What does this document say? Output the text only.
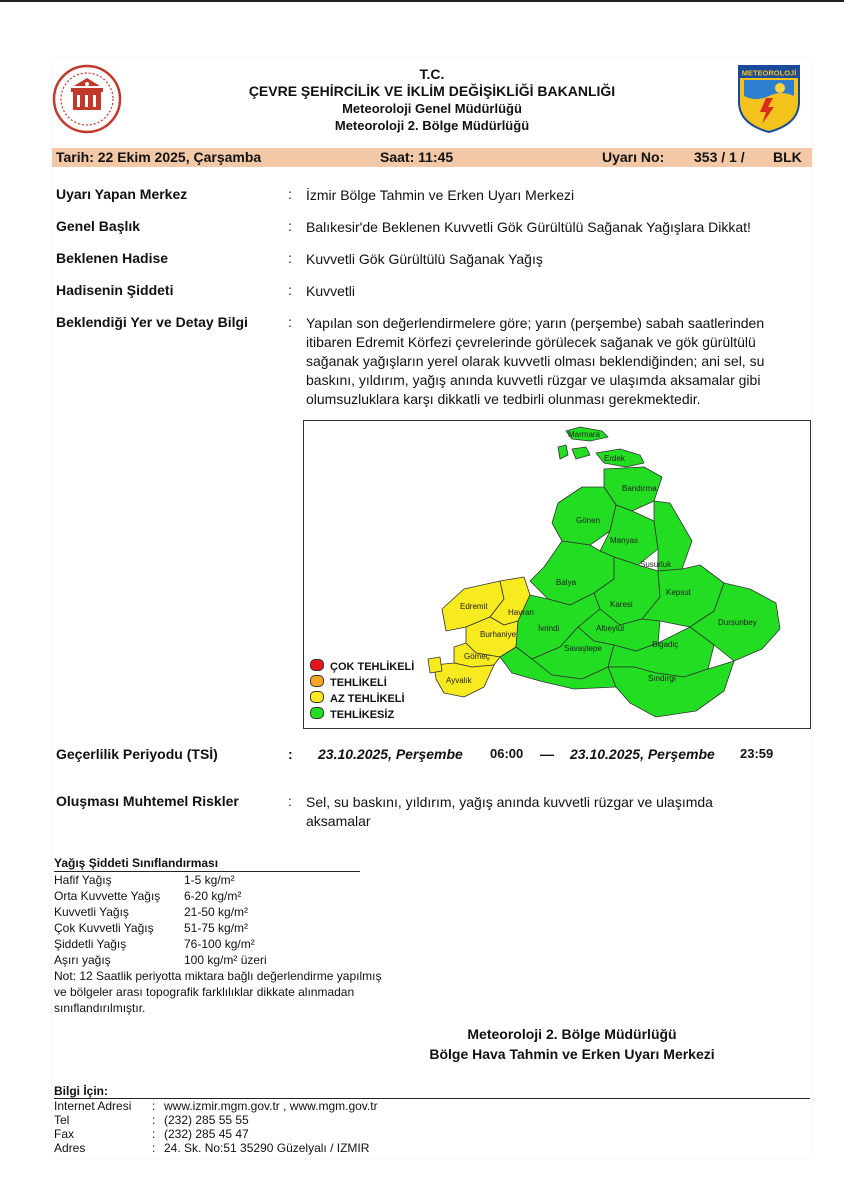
T.C.
ÇEVRE ŞEHİRCİLİK VE İKLİM DEĞİŞİKLİĞİ BAKANLIĞI
Meteoroloji Genel Müdürlüğü
Meteoroloji 2. Bölge Müdürlüğü
METEOROLOJİ
Tarih: 22 Ekim 2025, Çarşamba	Saat: 11:45	Uyarı No: 353 / 1 / BLK
Uyarı Yapan Merkez	: İzmir Bölge Tahmin ve Erken Uyarı Merkezi
Genel Başlık	: Balıkesir'de Beklenen Kuvvetli Gök Gürültülü Sağanak Yağışlara Dikkat!
Beklenen Hadise	: Kuvvetli Gök Gürültülü Sağanak Yağış
Hadisenin Şiddeti	: Kuvvetli
Beklendiği Yer ve Detay Bilgi	: Yapılan son değerlendirmelere göre; yarın (perşembe) sabah saatlerinden itibaren Edremit Körfezi çevrelerinde görülecek sağanak ve gök gürültülü sağanak yağışların yerel olarak kuvvetli olması beklendiğinden; ani sel, su baskını, yıldırım, yağış anında kuvvetli rüzgar ve ulaşımda aksamalar gibi olumsuzluklara karşı dikkatli ve tedbirli olunması gerekmektedir.
Marmara
Erdek
Bandırma
Gönen
Manyas
Susurluk
Balya
Karesi
Kepsut
Dursunbey
Edremit
Havran
Burhaniye
İvrindi	Altıeylül
Bigadiç
Savaştepe
Gömeç
Ayvalık	Sındırgı
ÇOK TEHLİKELİ
TEHLİKELİ
AZ TEHLİKELİ
TEHLİKESİZ
Geçerlilik Periyodu (TSİ)	: 23.10.2025, Perşembe 06:00 — 23.10.2025, Perşembe 23:59
Oluşması Muhtemel Riskler	: Sel, su baskını, yıldırım, yağış anında kuvvetli rüzgar ve ulaşımda aksamalar
Yağış Şiddeti Sınıflandırması
Hafif Yağış	1-5 kg/m²
Orta Kuvvette Yağış	6-20 kg/m²
Kuvvetli Yağış	21-50 kg/m²
Çok Kuvvetli Yağış	51-75 kg/m²
Şiddetli Yağış	76-100 kg/m²
Aşırı yağış	100 kg/m² üzeri
Not: 12 Saatlik periyotta miktara bağlı değerlendirme yapılmış ve bölgeler arası topografik farklılıklar dikkate alınmadan sınıflandırılmıştır.
Meteoroloji 2. Bölge Müdürlüğü
Bölge Hava Tahmin ve Erken Uyarı Merkezi
Bilgi İçin:
Internet Adresi	:	www.izmir.mgm.gov.tr , www.mgm.gov.tr
Tel	:	(232) 285 55 55
Fax	:	(232) 285 45 47
Adres	:	24. Sk. No:51 35290 Güzelyalı / IZMIR
